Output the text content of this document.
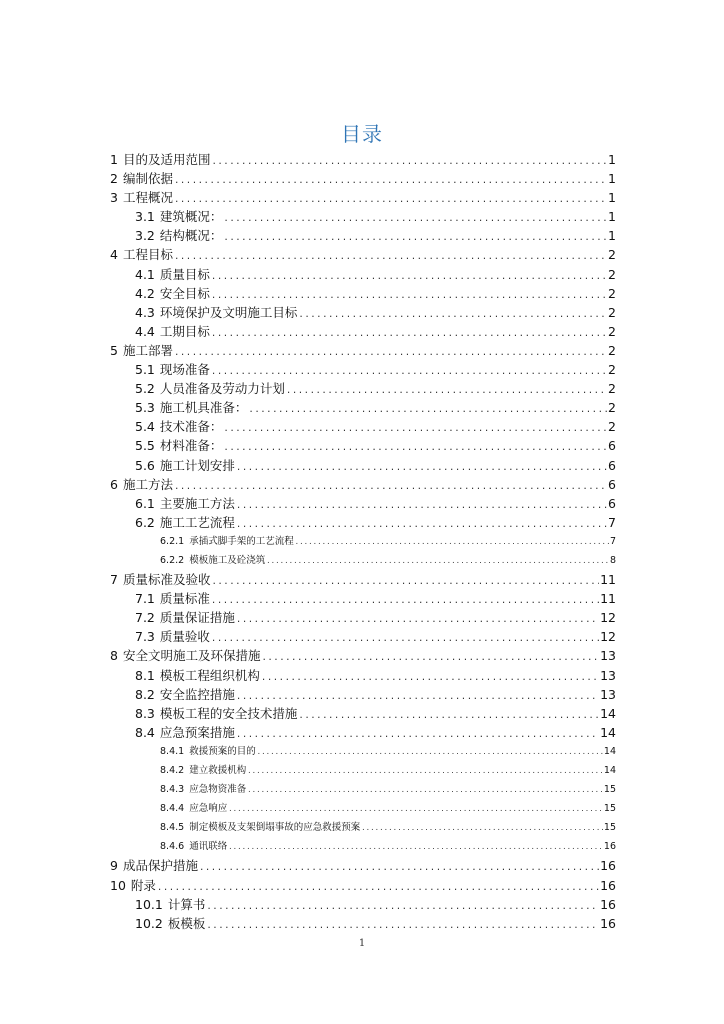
目录
1 目的及适用范围 .....	1
2 编制依据 .....	1
3 工程概况 .....	1
3.1 建筑概况： .....	1
3.2 结构概况： .....	1
4 工程目标 .....	2
4.1 质量目标 .....	2
4.2 安全目标 .....	2
4.3 环境保护及文明施工目标 .....	2
4.4 工期目标 .....	2
5 施工部署 .....	2
5.1 现场准备 .....	2
5.2 人员准备及劳动力计划 .....	2
5.3 施工机具准备： .....	2
5.4 技术准备： .....	2
5.5 材料准备： .....	6
5.6 施工计划安排 .....	6
6 施工方法 .....	6
6.1 主要施工方法 .....	6
6.2 施工工艺流程 .....	7
6.2.1 承插式脚手架的工艺流程 .....	7
6.2.2 模板施工及砼浇筑 .....	8
7 质量标准及验收 .....	11
7.1 质量标准 .....	11
7.2 质量保证措施 .....	12
7.3 质量验收 .....	12
8 安全文明施工及环保措施 .....	13
8.1 模板工程组织机构 .....	13
8.2 安全监控措施 .....	13
8.3 模板工程的安全技术措施 .....	14
8.4 应急预案措施 .....	14
8.4.1 救援预案的目的 .....	14
8.4.2 建立救援机构 .....	14
8.4.3 应急物资准备 .....	15
8.4.4 应急响应 .....	15
8.4.5 制定模板及支架倒塌事故的应急救援预案 .....	15
8.4.6 通讯联络 .....	16
9 成品保护措施 .....	16
10 附录 .....	16
10.1 计算书 .....	16
10.2 板模板 .....	16
1
